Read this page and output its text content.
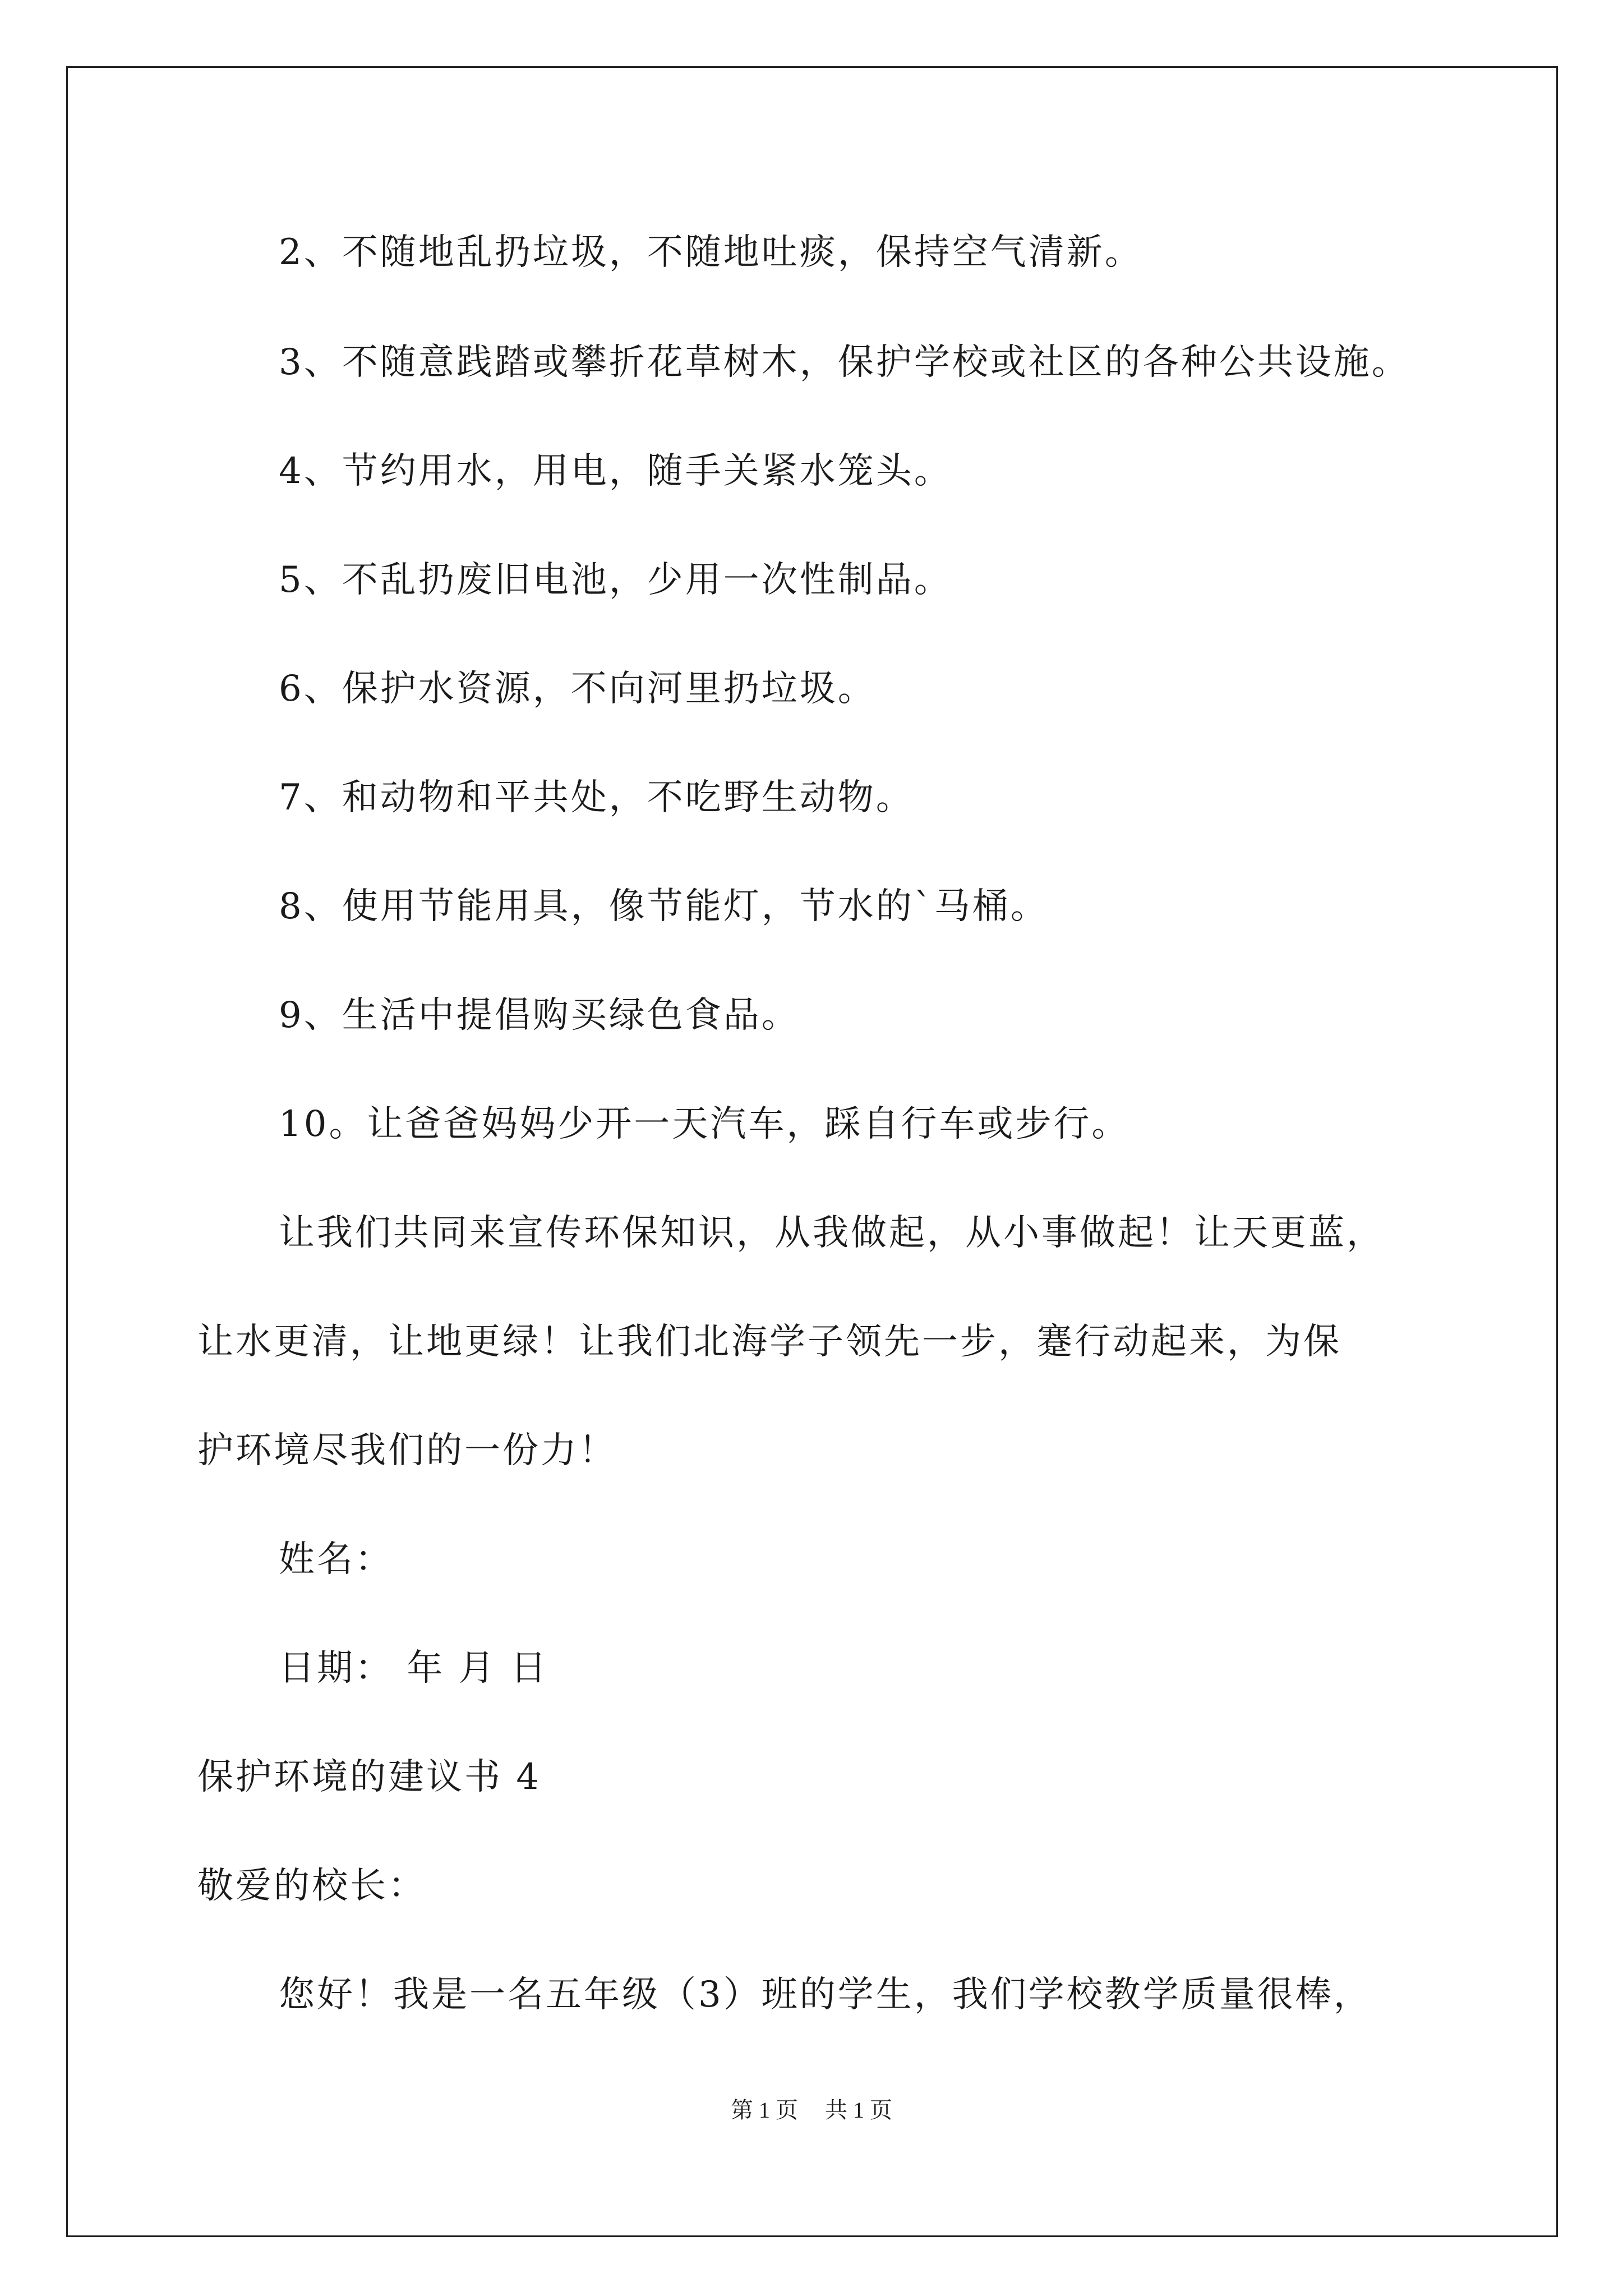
2、不随地乱扔垃圾，不随地吐痰，保持空气清新。
3、不随意践踏或攀折花草树木，保护学校或社区的各种公共设施。
4、节约用水，用电，随手关紧水笼头。
5、不乱扔废旧电池，少用一次性制品。
6、保护水资源，不向河里扔垃圾。
7、和动物和平共处，不吃野生动物。
8、使用节能用具，像节能灯，节水的`马桶。
9、生活中提倡购买绿色食品。
10。让爸爸妈妈少开一天汽车，踩自行车或步行。
让我们共同来宣传环保知识，从我做起，从小事做起！让天更蓝，
让水更清，让地更绿！让我们北海学子领先一步，蹇行动起来，为保
护环境尽我们的一份力！
姓名：
日期： 年 月 日
保护环境的建议书 4
敬爱的校长：
您好！我是一名五年级（3）班的学生，我们学校教学质量很棒，
第 1 页 共 1 页
